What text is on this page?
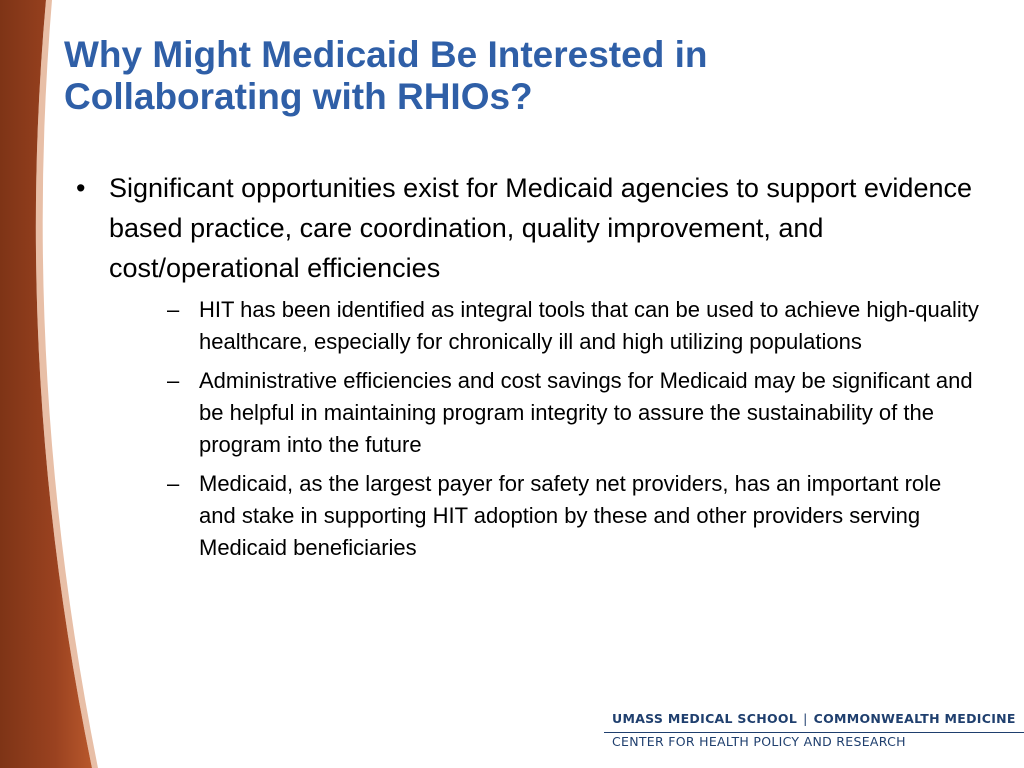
Why Might Medicaid Be Interested in
Collaborating with RHIOs?
• Significant opportunities exist for Medicaid agencies to support evidence based practice, care coordination, quality improvement, and cost/operational efficiencies
– HIT has been identified as integral tools that can be used to achieve high-quality healthcare, especially for chronically ill and high utilizing populations
– Administrative efficiencies and cost savings for Medicaid may be significant and be helpful in maintaining program integrity to assure the sustainability of the program into the future
– Medicaid, as the largest payer for safety net providers, has an important role and stake in supporting HIT adoption by these and other providers serving Medicaid beneficiaries
UMASS MEDICAL SCHOOL | COMMONWEALTH MEDICINE
CENTER FOR HEALTH POLICY AND RESEARCH
